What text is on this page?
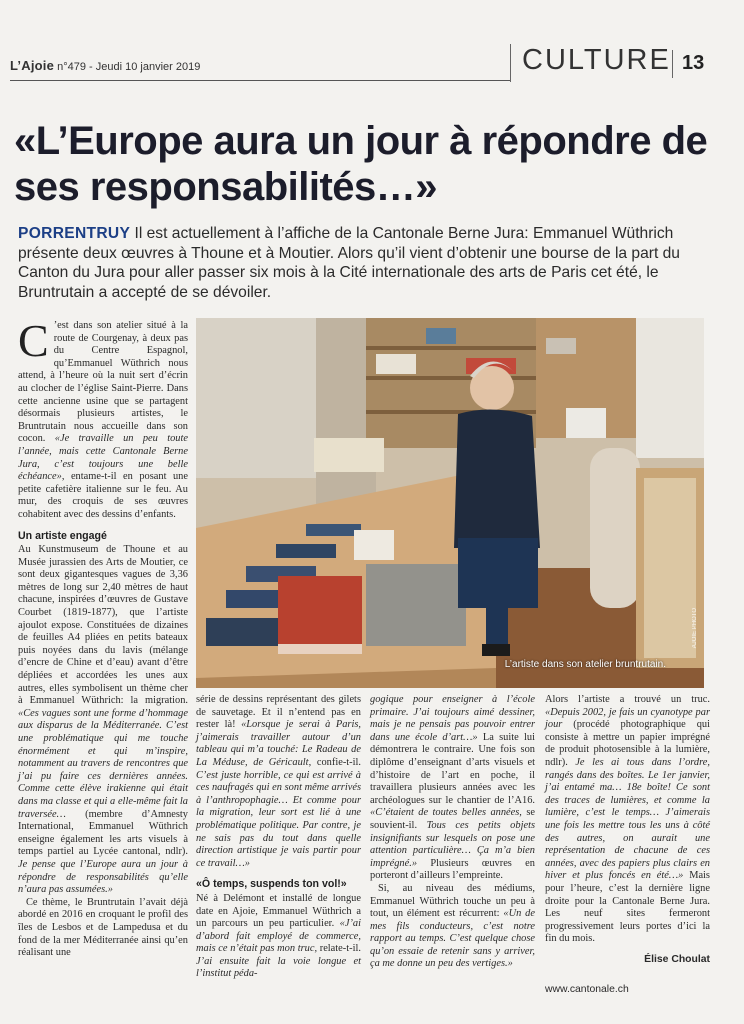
L’Ajoie n°479 - Jeudi 10 janvier 2019	CULTURE 13
«L’Europe aura un jour à répondre de ses responsabilités…»
PORRENTRUY Il est actuellement à l’affiche de la Cantonale Berne Jura: Emmanuel Wüthrich présente deux œuvres à Thoune et à Moutier. Alors qu’il vient d’obtenir une bourse de la part du Canton du Jura pour aller passer six mois à la Cité internationale des arts de Paris cet été, le Bruntrutain a accepté de se dévoiler.
AJOIE PHOTO
L’artiste dans son atelier bruntrutain.

C ’est dans son atelier situé à la route de Courgenay, à deux pas du Centre Espagnol, qu’Emmanuel Wüthrich nous attend, à l’heure où la nuit sert d’écrin au clocher de l’église Saint-Pierre. Dans cette ancienne usine que se partagent désormais plusieurs artistes, le Bruntrutain nous accueille dans son cocon. «Je travaille un peu toute l’année, mais cette Cantonale Berne Jura, c’est toujours une belle échéance», entame-t-il en posant une petite cafetière italienne sur le feu. Au mur, des croquis de ses œuvres cohabitent avec des dessins d’enfants.

Un artiste engagé

Au Kunstmuseum de Thoune et au Musée jurassien des Arts de Moutier, ce sont deux gigantesques vagues de 3,36 mètres de long sur 2,40 mètres de haut chacune, inspirées d’œuvres de Gustave Courbet (1819-1877), que l’artiste ajoulot expose. Constituées de dizaines de feuilles A4 pliées en petits bateaux puis noyées dans du lavis (mélange d’encre de Chine et d’eau) avant d’être dépliées et accordées les unes aux autres, elles symbolisent un thème cher à Emmanuel Wüthrich: la migration. «Ces vagues sont une forme d’hommage aux disparus de la Méditerranée. C’est une problématique qui me touche énormément et qui m’inspire, notamment au travers de rencontres que j’ai pu faire ces dernières années. Comme cette élève irakienne qui était dans ma classe et qui a elle-même fait la traversée… (membre d’Amnesty International, Emmanuel Wüthrich enseigne également les arts visuels à temps partiel au Lycée cantonal, ndlr). Je pense que l’Europe aura un jour à répondre de responsabilités qu’elle n’aura pas assumées.»

Ce thème, le Bruntrutain l’avait déjà abordé en 2016 en croquant le profil des îles de Lesbos et de Lampedusa et du fond de la mer Méditerranée ainsi qu’en réalisant une

série de dessins représentant des gilets de sauvetage. Et il n’entend pas en rester là! «Lorsque je serai à Paris, j’aimerais travailler autour d’un tableau qui m’a touché: Le Radeau de La Méduse, de Géricault, confie-t-il. C’est juste horrible, ce qui est arrivé à ces naufragés qui en sont même arrivés à l’anthropophagie… Et comme pour la migration, leur sort est lié à une problématique politique. Par contre, je ne sais pas du tout dans quelle direction artistique je vais partir pour ce travail…»

«Ô temps, suspends ton vol!»

Né à Delémont et installé de longue date en Ajoie, Emmanuel Wüthrich a un parcours un peu particulier. «J’ai d’abord fait employé de commerce, mais ce n’était pas mon truc, relate-t-il. J’ai ensuite fait la voie longue et l’institut péda-

gogique pour enseigner à l’école primaire. J’ai toujours aimé dessiner, mais je ne pensais pas pouvoir entrer dans une école d’art…» La suite lui démontrera le contraire. Une fois son diplôme d’enseignant d’arts visuels et d’histoire de l’art en poche, il travaillera plusieurs années avec les archéologues sur le chantier de l’A16. «C’étaient de toutes belles années, se souvient-il. Tous ces petits objets insignifiants sur lesquels on pose une attention particulière… Ça m’a bien imprégné.» Plusieurs œuvres en porteront d’ailleurs l’empreinte.

Si, au niveau des médiums, Emmanuel Wüthrich touche un peu à tout, un élément est récurrent: «Un de mes fils conducteurs, c’est notre rapport au temps. C’est quelque chose qu’on essaie de retenir sans y arriver, ça me donne un peu des vertiges.»

Alors l’artiste a trouvé un truc. «Depuis 2002, je fais un cyanotype par jour (procédé photographique qui consiste à mettre un papier imprégné de produit photosensible à la lumière, ndlr). Je les ai tous dans l’ordre, rangés dans des boîtes. Le 1er janvier, j’ai entamé ma… 18e boîte! Ce sont des traces de lumières, et comme la lumière, c’est le temps… J’aimerais une fois les mettre tous les uns à côté des autres, on aurait une représentation de chacune de ces années, avec des papiers plus clairs en hiver et plus foncés en été…» Mais pour l’heure, c’est la dernière ligne droite pour la Cantonale Berne Jura. Les neuf sites fermeront progressivement leurs portes d’ici la fin du mois.

Élise Choulat
www.cantonale.ch
